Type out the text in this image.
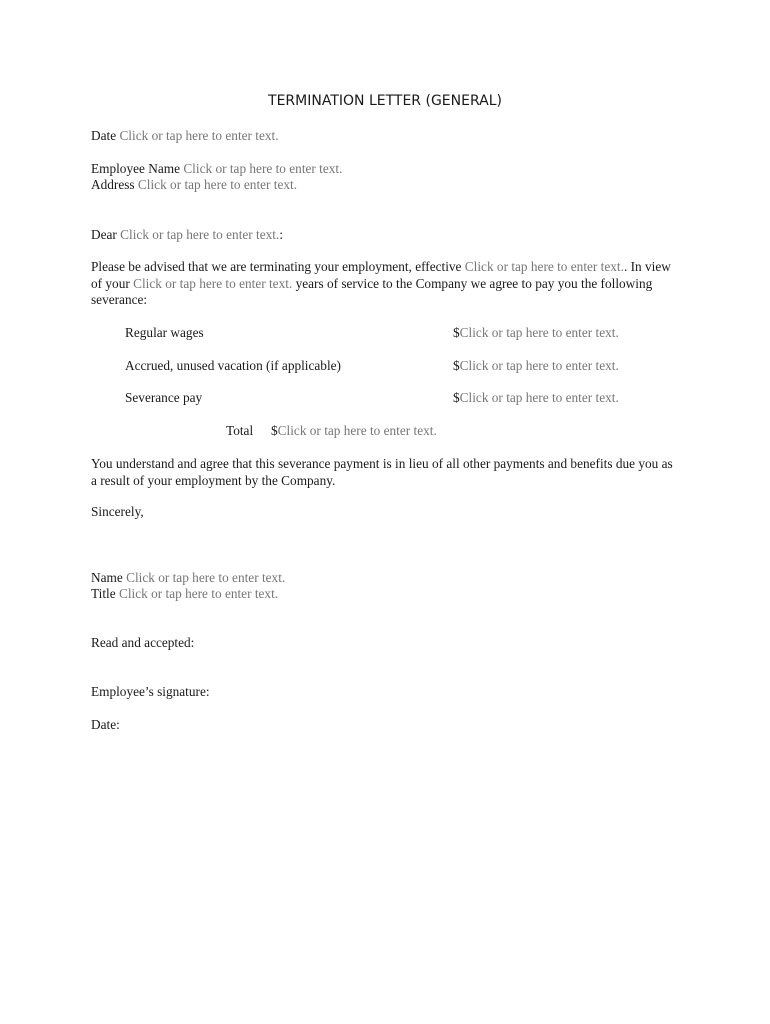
TERMINATION LETTER (GENERAL)
Date Click or tap here to enter text.
Employee Name Click or tap here to enter text.
Address Click or tap here to enter text.
Dear Click or tap here to enter text.:
Please be advised that we are terminating your employment, effective Click or tap here to enter text.. In view of your Click or tap here to enter text. years of service to the Company we agree to pay you the following severance:
Regular wages	$Click or tap here to enter text.
Accrued, unused vacation (if applicable)	$Click or tap here to enter text.
Severance pay	$Click or tap here to enter text.
Total $Click or tap here to enter text.
You understand and agree that this severance payment is in lieu of all other payments and benefits due you as a result of your employment by the Company.
Sincerely,
Name Click or tap here to enter text.
Title Click or tap here to enter text.
Read and accepted:
Employee’s signature:
Date:
